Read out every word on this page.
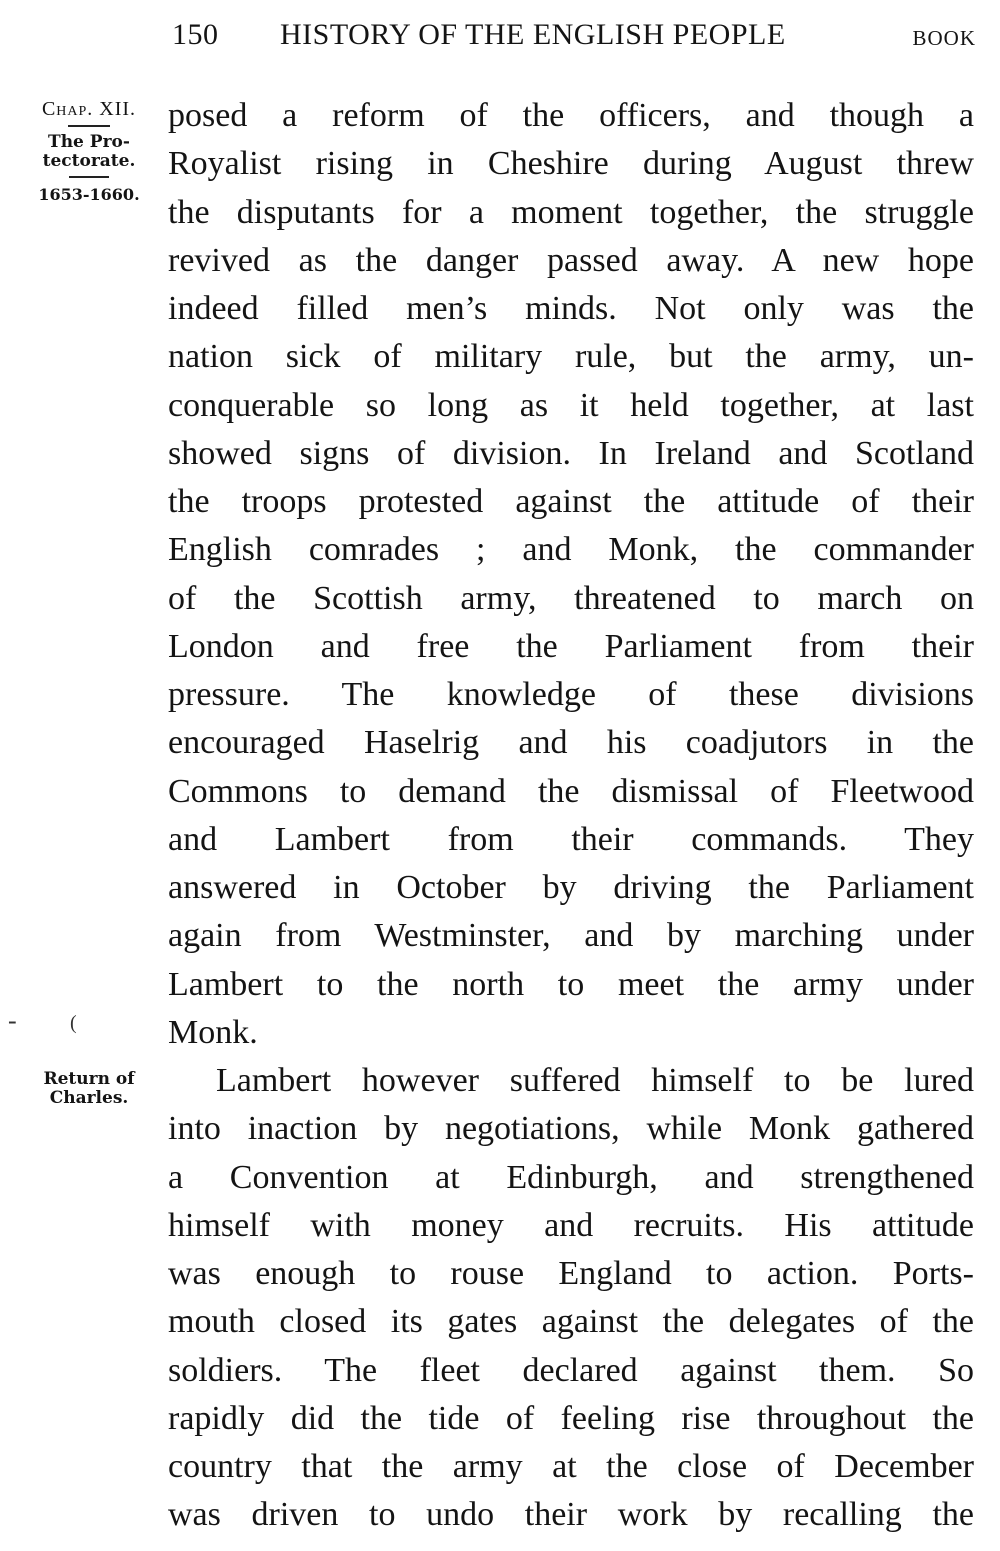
150 HISTORY OF THE ENGLISH PEOPLE	BOOK
Chap. XII.
The Pro-
tectorate.
1653-1660.
Return of
Charles.
-	(
posed a reform of the officers, and though a
Royalist rising in Cheshire during August threw
the disputants for a moment together, the struggle
revived as the danger passed away. A new hope
indeed filled men’s minds. Not only was the
nation sick of military rule, but the army, un-
conquerable so long as it held together, at last
showed signs of division. In Ireland and Scotland
the troops protested against the attitude of their
English comrades ; and Monk, the commander
of the Scottish army, threatened to march on
London and free the Parliament from their
pressure. The knowledge of these divisions
encouraged Haselrig and his coadjutors in the
Commons to demand the dismissal of Fleetwood
and Lambert from their commands. They
answered in October by driving the Parliament
again from Westminster, and by marching under
Lambert to the north to meet the army under
Monk.
Lambert however suffered himself to be lured
into inaction by negotiations, while Monk gathered
a Convention at Edinburgh, and strengthened
himself with money and recruits. His attitude
was enough to rouse England to action. Ports-
mouth closed its gates against the delegates of the
soldiers. The fleet declared against them. So
rapidly did the tide of feeling rise throughout the
country that the army at the close of December
was driven to undo their work by recalling the
